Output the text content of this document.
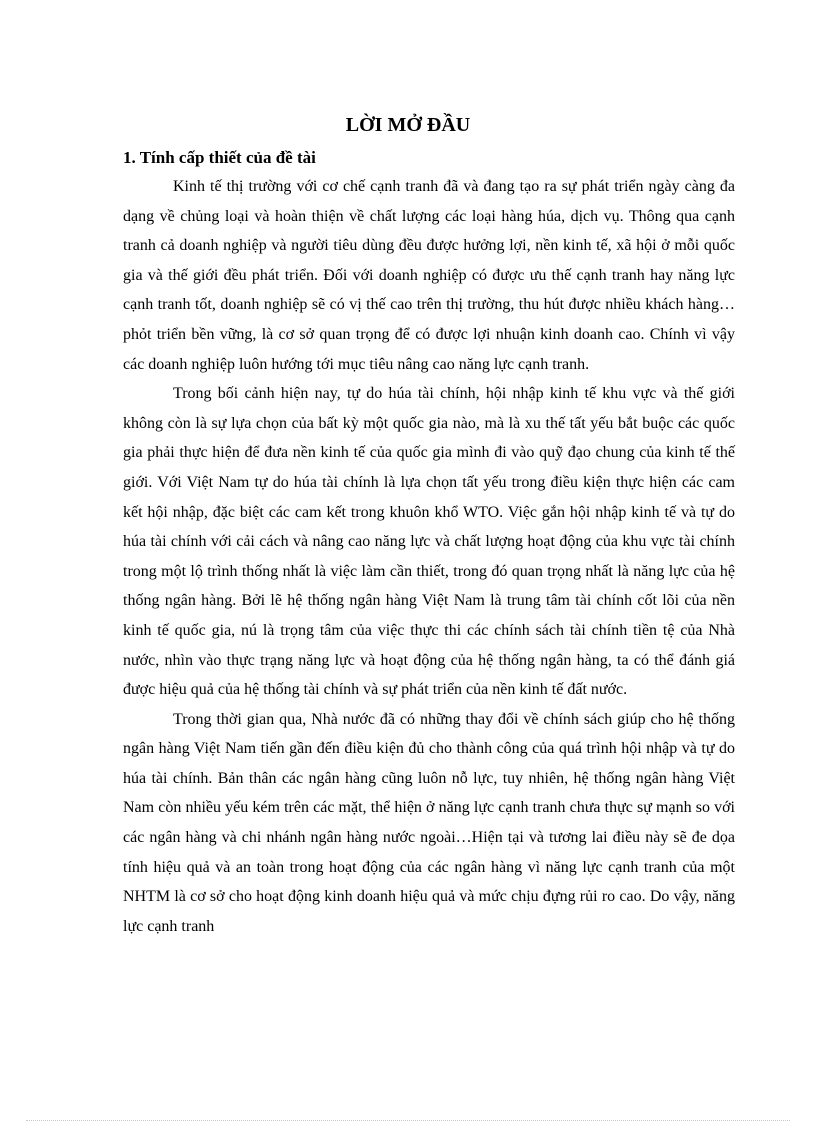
LỜI MỞ ĐẦU
1. Tính cấp thiết của đề tài

Kinh tế thị trường với cơ chế cạnh tranh đã và đang tạo ra sự phát triển ngày càng đa dạng về chủng loại và hoàn thiện về chất lượng các loại hàng húa, dịch vụ. Thông qua cạnh tranh cả doanh nghiệp và người tiêu dùng đều được hưởng lợi, nền kinh tế, xã hội ở mỗi quốc gia và thế giới đều phát triển. Đối với doanh nghiệp có được ưu thế cạnh tranh hay năng lực cạnh tranh tốt, doanh nghiệp sẽ có vị thế cao trên thị trường, thu hút được nhiều khách hàng…phỏt triển bền vững, là cơ sở quan trọng để có được lợi nhuận kinh doanh cao. Chính vì vậy các doanh nghiệp luôn hướng tới mục tiêu nâng cao năng lực cạnh tranh.

Trong bối cảnh hiện nay, tự do húa tài chính, hội nhập kinh tế khu vực và thế giới không còn là sự lựa chọn của bất kỳ một quốc gia nào, mà là xu thế tất yếu bắt buộc các quốc gia phải thực hiện để đưa nền kinh tế của quốc gia mình đi vào quỹ đạo chung của kinh tế thế giới. Với Việt Nam tự do húa tài chính là lựa chọn tất yếu trong điều kiện thực hiện các cam kết hội nhập, đặc biệt các cam kết trong khuôn khổ WTO. Việc gắn hội nhập kinh tế và tự do húa tài chính với cải cách và nâng cao năng lực và chất lượng hoạt động của khu vực tài chính trong một lộ trình thống nhất là việc làm cần thiết, trong đó quan trọng nhất là năng lực của hệ thống ngân hàng. Bởi lẽ hệ thống ngân hàng Việt Nam là trung tâm tài chính cốt lõi của nền kinh tế quốc gia, nú là trọng tâm của việc thực thi các chính sách tài chính tiền tệ của Nhà nước, nhìn vào thực trạng năng lực và hoạt động của hệ thống ngân hàng, ta có thể đánh giá được hiệu quả của hệ thống tài chính và sự phát triển của nền kinh tế đất nước.

Trong thời gian qua, Nhà nước đã có những thay đổi về chính sách giúp cho hệ thống ngân hàng Việt Nam tiến gần đến điều kiện đủ cho thành công của quá trình hội nhập và tự do húa tài chính. Bản thân các ngân hàng cũng luôn nỗ lực, tuy nhiên, hệ thống ngân hàng Việt Nam còn nhiều yếu kém trên các mặt, thể hiện ở năng lực cạnh tranh chưa thực sự mạnh so với các ngân hàng và chi nhánh ngân hàng nước ngoài…Hiện tại và tương lai điều này sẽ đe dọa tính hiệu quả và an toàn trong hoạt động của các ngân hàng vì năng lực cạnh tranh của một NHTM là cơ sở cho hoạt động kinh doanh hiệu quả và mức chịu đựng rủi ro cao. Do vậy, năng lực cạnh tranh
